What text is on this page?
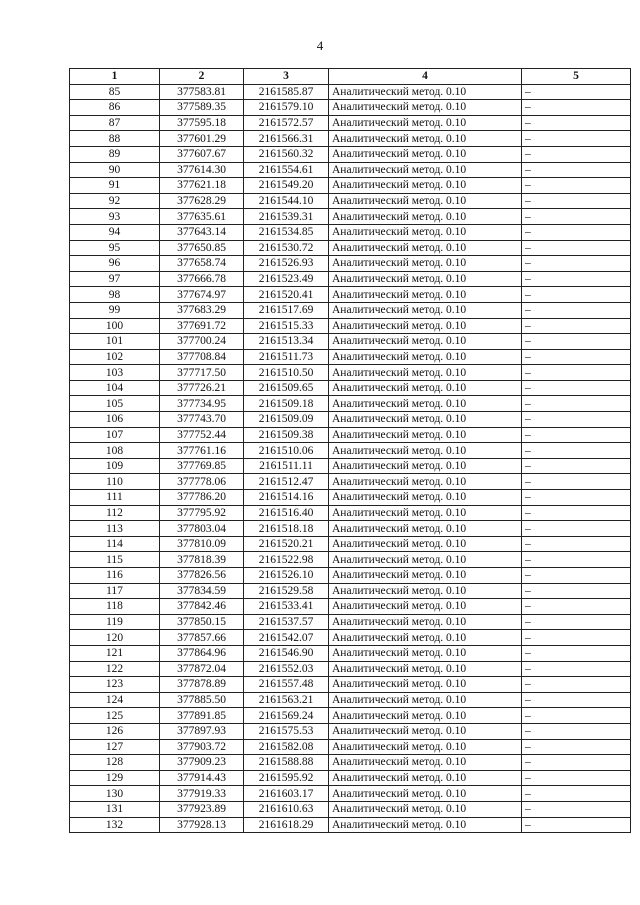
4
1	2	3	4	5
85	377583.81	2161585.87	Аналитический метод. 0.10	–
86	377589.35	2161579.10	Аналитический метод. 0.10	–
87	377595.18	2161572.57	Аналитический метод. 0.10	–
88	377601.29	2161566.31	Аналитический метод. 0.10	–
89	377607.67	2161560.32	Аналитический метод. 0.10	–
90	377614.30	2161554.61	Аналитический метод. 0.10	–
91	377621.18	2161549.20	Аналитический метод. 0.10	–
92	377628.29	2161544.10	Аналитический метод. 0.10	–
93	377635.61	2161539.31	Аналитический метод. 0.10	–
94	377643.14	2161534.85	Аналитический метод. 0.10	–
95	377650.85	2161530.72	Аналитический метод. 0.10	–
96	377658.74	2161526.93	Аналитический метод. 0.10	–
97	377666.78	2161523.49	Аналитический метод. 0.10	–
98	377674.97	2161520.41	Аналитический метод. 0.10	–
99	377683.29	2161517.69	Аналитический метод. 0.10	–
100	377691.72	2161515.33	Аналитический метод. 0.10	–
101	377700.24	2161513.34	Аналитический метод. 0.10	–
102	377708.84	2161511.73	Аналитический метод. 0.10	–
103	377717.50	2161510.50	Аналитический метод. 0.10	–
104	377726.21	2161509.65	Аналитический метод. 0.10	–
105	377734.95	2161509.18	Аналитический метод. 0.10	–
106	377743.70	2161509.09	Аналитический метод. 0.10	–
107	377752.44	2161509.38	Аналитический метод. 0.10	–
108	377761.16	2161510.06	Аналитический метод. 0.10	–
109	377769.85	2161511.11	Аналитический метод. 0.10	–
110	377778.06	2161512.47	Аналитический метод. 0.10	–
111	377786.20	2161514.16	Аналитический метод. 0.10	–
112	377795.92	2161516.40	Аналитический метод. 0.10	–
113	377803.04	2161518.18	Аналитический метод. 0.10	–
114	377810.09	2161520.21	Аналитический метод. 0.10	–
115	377818.39	2161522.98	Аналитический метод. 0.10	–
116	377826.56	2161526.10	Аналитический метод. 0.10	–
117	377834.59	2161529.58	Аналитический метод. 0.10	–
118	377842.46	2161533.41	Аналитический метод. 0.10	–
119	377850.15	2161537.57	Аналитический метод. 0.10	–
120	377857.66	2161542.07	Аналитический метод. 0.10	–
121	377864.96	2161546.90	Аналитический метод. 0.10	–
122	377872.04	2161552.03	Аналитический метод. 0.10	–
123	377878.89	2161557.48	Аналитический метод. 0.10	–
124	377885.50	2161563.21	Аналитический метод. 0.10	–
125	377891.85	2161569.24	Аналитический метод. 0.10	–
126	377897.93	2161575.53	Аналитический метод. 0.10	–
127	377903.72	2161582.08	Аналитический метод. 0.10	–
128	377909.23	2161588.88	Аналитический метод. 0.10	–
129	377914.43	2161595.92	Аналитический метод. 0.10	–
130	377919.33	2161603.17	Аналитический метод. 0.10	–
131	377923.89	2161610.63	Аналитический метод. 0.10	–
132	377928.13	2161618.29	Аналитический метод. 0.10	–
